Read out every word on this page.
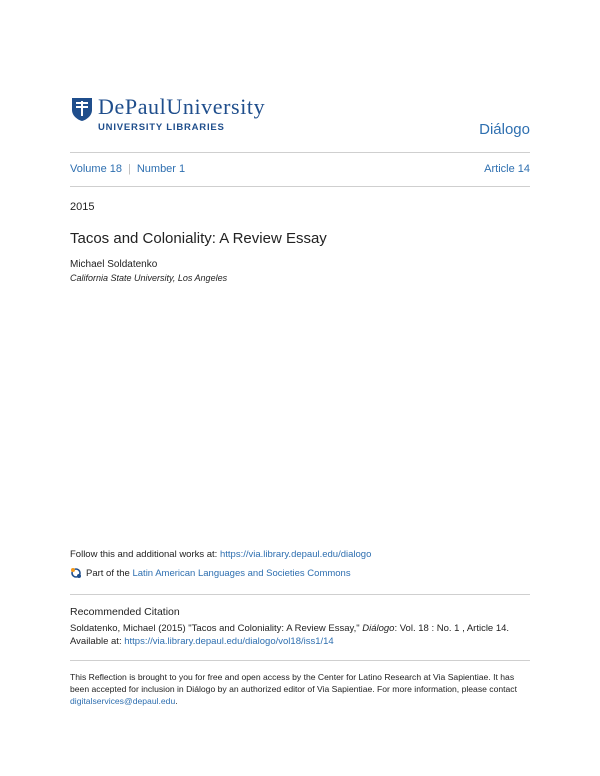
DePaulUniversity
UNIVERSITY LIBRARIES	Diálogo
Volume 18 | Number 1	Article 14
2015
Tacos and Coloniality: A Review Essay
Michael Soldatenko
California State University, Los Angeles
Follow this and additional works at: https://via.library.depaul.edu/dialogo
Part of the
Latin American Languages and Societies Commons
Recommended Citation
Soldatenko, Michael (2015) "Tacos and Coloniality: A Review Essay," Diálogo: Vol. 18 : No. 1 , Article 14.
Available at: https://via.library.depaul.edu/dialogo/vol18/iss1/14
This Reflection is brought to you for free and open access by the Center for Latino Research at Via Sapientiae. It has been accepted for inclusion in Diálogo by an authorized editor of Via Sapientiae. For more information, please contact digitalservices@depaul.edu.
